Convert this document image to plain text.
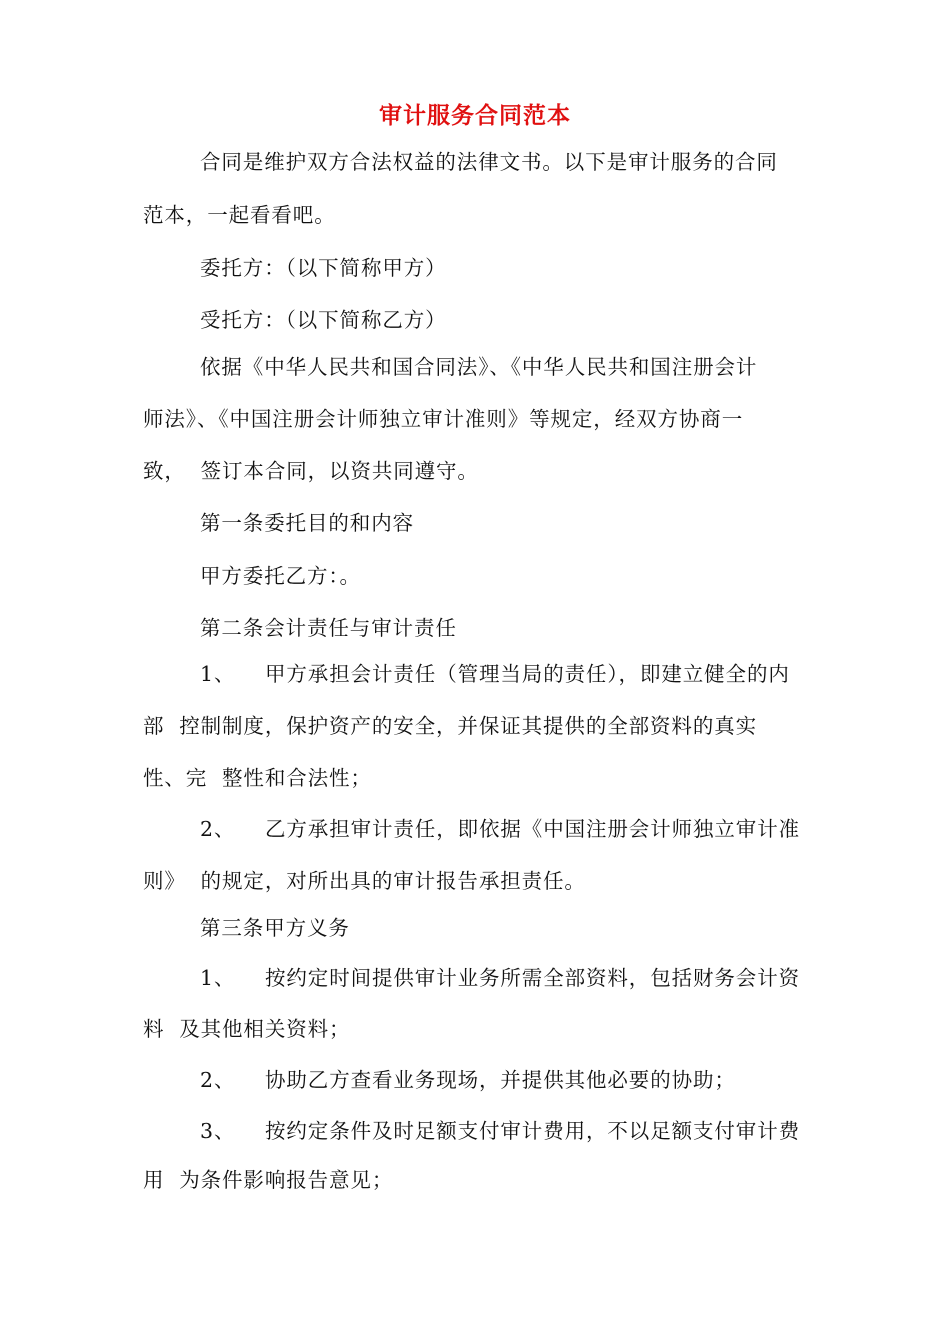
审计服务合同范本
合同是维护双方合法权益的法律文书。以下是审计服务的合同
范本，一起看看吧。
委托方：（以下简称甲方）
受托方：（以下简称乙方）
依据《中华人民共和国合同法》、《中华人民共和国注册会计
师法》、《中国注册会计师独立审计准则》等规定，经双方协商一
致，  签订本合同，以资共同遵守。
第一条委托目的和内容
甲方委托乙方：。
第二条会计责任与审计责任
1、    甲方承担会计责任（管理当局的责任），即建立健全的内
部  控制制度，保护资产的安全，并保证其提供的全部资料的真实
性、完  整性和合法性；
2、    乙方承担审计责任，即依据《中国注册会计师独立审计准
则》  的规定，对所出具的审计报告承担责任。
第三条甲方义务
1、    按约定时间提供审计业务所需全部资料，包括财务会计资
料  及其他相关资料；
2、    协助乙方查看业务现场，并提供其他必要的协助；
3、    按约定条件及时足额支付审计费用，不以足额支付审计费
用  为条件影响报告意见；
